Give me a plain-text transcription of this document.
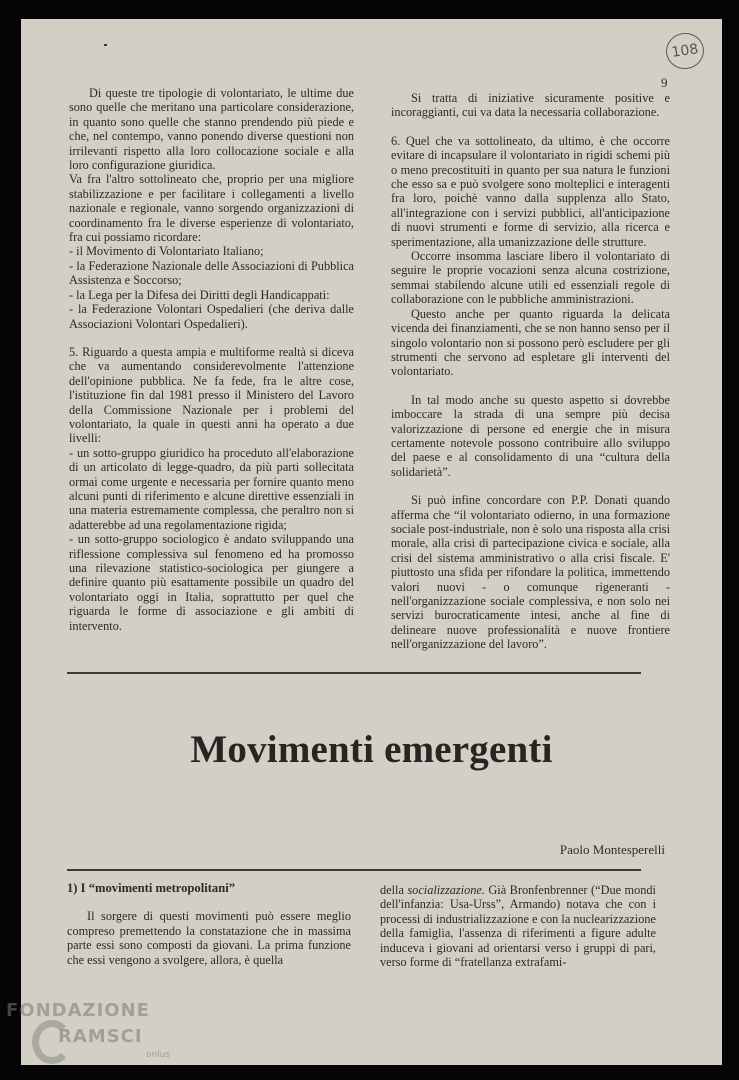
108
9

Di queste tre tipologie di volontariato, le ultime due sono quelle che meritano una particolare considerazione, in quanto sono quelle che stanno prendendo più piede e che, nel contempo, vanno ponendo diverse questioni non irrilevanti rispetto alla loro collocazione sociale e alla loro configurazione giuridica.

Va fra l'altro sottolineato che, proprio per una migliore stabilizzazione e per facilitare i collegamenti a livello nazionale e regionale, vanno sorgendo organizzazioni di coordinamento fra le diverse esperienze di volontariato, fra cui possiamo ricordare:

- il Movimento di Volontariato Italiano;

- la Federazione Nazionale delle Associazioni di Pubblica Assistenza e Soccorso;

- la Lega per la Difesa dei Diritti degli Handicappati:

- la Federazione Volontari Ospedalieri (che deriva dalle Associazioni Volontari Ospedalieri).

5. Riguardo a questa ampia e multiforme realtà si diceva che va aumentando considerevolmente l'attenzione dell'opinione pubblica. Ne fa fede, fra le altre cose, l'istituzione fin dal 1981 presso il Ministero del Lavoro della Commissione Nazionale per i problemi del volontariato, la quale in questi anni ha operato a due livelli:

- un sotto-gruppo giuridico ha proceduto all'elaborazione di un articolato di legge-quadro, da più parti sollecitata ormai come urgente e necessaria per fornire quanto meno alcuni punti di riferimento e alcune direttive essenziali in una materia estremamente complessa, che peraltro non si adatterebbe ad una regolamentazione rigida;

- un sotto-gruppo sociologico è andato sviluppando una riflessione complessiva sul fenomeno ed ha promosso una rilevazione statistico-sociologica per giungere a definire quanto più esattamente possibile un quadro del volontariato oggi in Italia, soprattutto per quel che riguarda le forme di associazione e gli ambiti di intervento.

Si tratta di iniziative sicuramente positive e incoraggianti, cui va data la necessaria collaborazione.

6. Quel che va sottolineato, da ultimo, è che occorre evitare di incapsulare il volontariato in rigidi schemi più o meno precostituiti in quanto per sua natura le funzioni che esso sa e può svolgere sono molteplici e interagenti fra loro, poichè vanno dalla supplenza allo Stato, all'integrazione con i servizi pubblici, all'anticipazione di nuovi strumenti e forme di servizio, alla ricerca e sperimentazione, alla umanizzazione delle strutture.

Occorre insomma lasciare libero il volontariato di seguire le proprie vocazioni senza alcuna costrizione, semmai stabilendo alcune utili ed essenziali regole di collaborazione con le pubbliche amministrazioni.

Questo anche per quanto riguarda la delicata vicenda dei finanziamenti, che se non hanno senso per il singolo volontario non si possono però escludere per gli strumenti che servono ad espletare gli interventi del volontariato.

In tal modo anche su questo aspetto si dovrebbe imboccare la strada di una sempre più decisa valorizzazione di persone ed energie che in misura certamente notevole possono contribuire allo sviluppo del paese e al consolidamento di una “cultura della solidarietà”.

Si può infine concordare con P.P. Donati quando afferma che “il volontariato odierno, in una formazione sociale post-industriale, non è solo una risposta alla crisi morale, alla crisi di partecipazione civica e sociale, alla crisi del sistema amministrativo o alla crisi fiscale. E' piuttosto una sfida per rifondare la politica, immettendo valori nuovi - o comunque rigeneranti - nell'organizzazione sociale complessiva, e non solo nei servizi burocraticamente intesi, anche al fine di delineare nuove professionalità e nuove frontiere nell'organizzazione del lavoro”.

Movimenti emergenti
Paolo Montesperelli
1) I “movimenti metropolitani”

Il sorgere di questi movimenti può essere meglio compreso premettendo la constatazione che in massima parte essi sono composti da giovani. La prima funzione che essi vengono a svolgere, allora, è quella

della socializzazione. Già Bronfenbrenner (“Due mondi dell'infanzia: Usa-Urss”, Armando) notava che con i processi di industrializzazione e con la nuclearizzazione della famiglia, l'assenza di riferimenti a figure adulte induceva i giovani ad orientarsi verso i gruppi di pari, verso forme di “fratellanza extrafami-

FONDAZIONE
RAMSCI
onlus
